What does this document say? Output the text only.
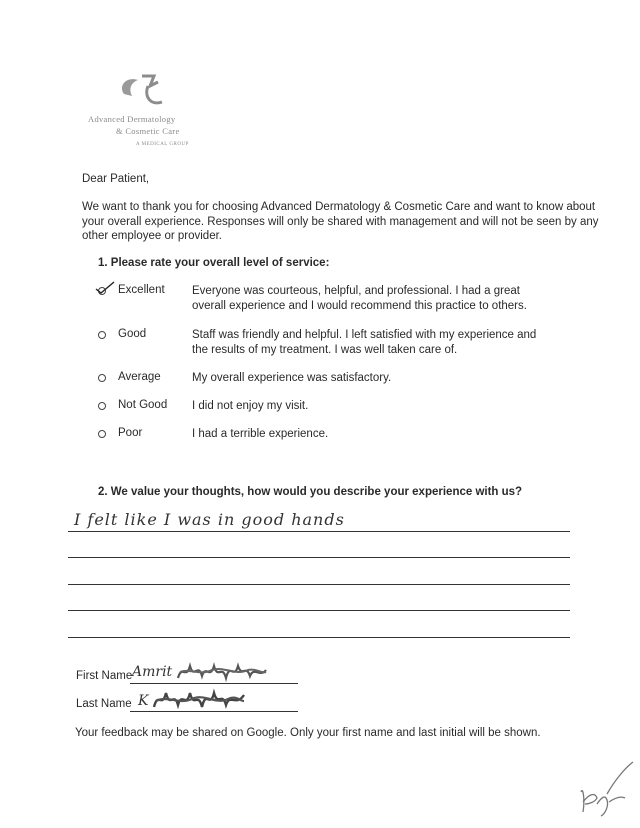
Advanced Dermatology
& Cosmetic Care
A MEDICAL GROUP
Dear Patient,
We want to thank you for choosing Advanced Dermatology & Cosmetic Care and want to know about
your overall experience. Responses will only be shared with management and will not be seen by any
other employee or provider.
1. Please rate your overall level of service:
Excellent Everyone was courteous, helpful, and professional. I had a great
overall experience and I would recommend this practice to others.
Good	Staff was friendly and helpful. I left satisfied with my experience and
the results of my treatment. I was well taken care of.
Average	My overall experience was satisfactory.
Not Good I did not enjoy my visit.
Poor	I had a terrible experience.
2. We value your thoughts, how would you describe your experience with us?
I felt like I was in good hands
First Name Amrit
Last Name K
Your feedback may be shared on Google. Only your first name and last initial will be shown.
